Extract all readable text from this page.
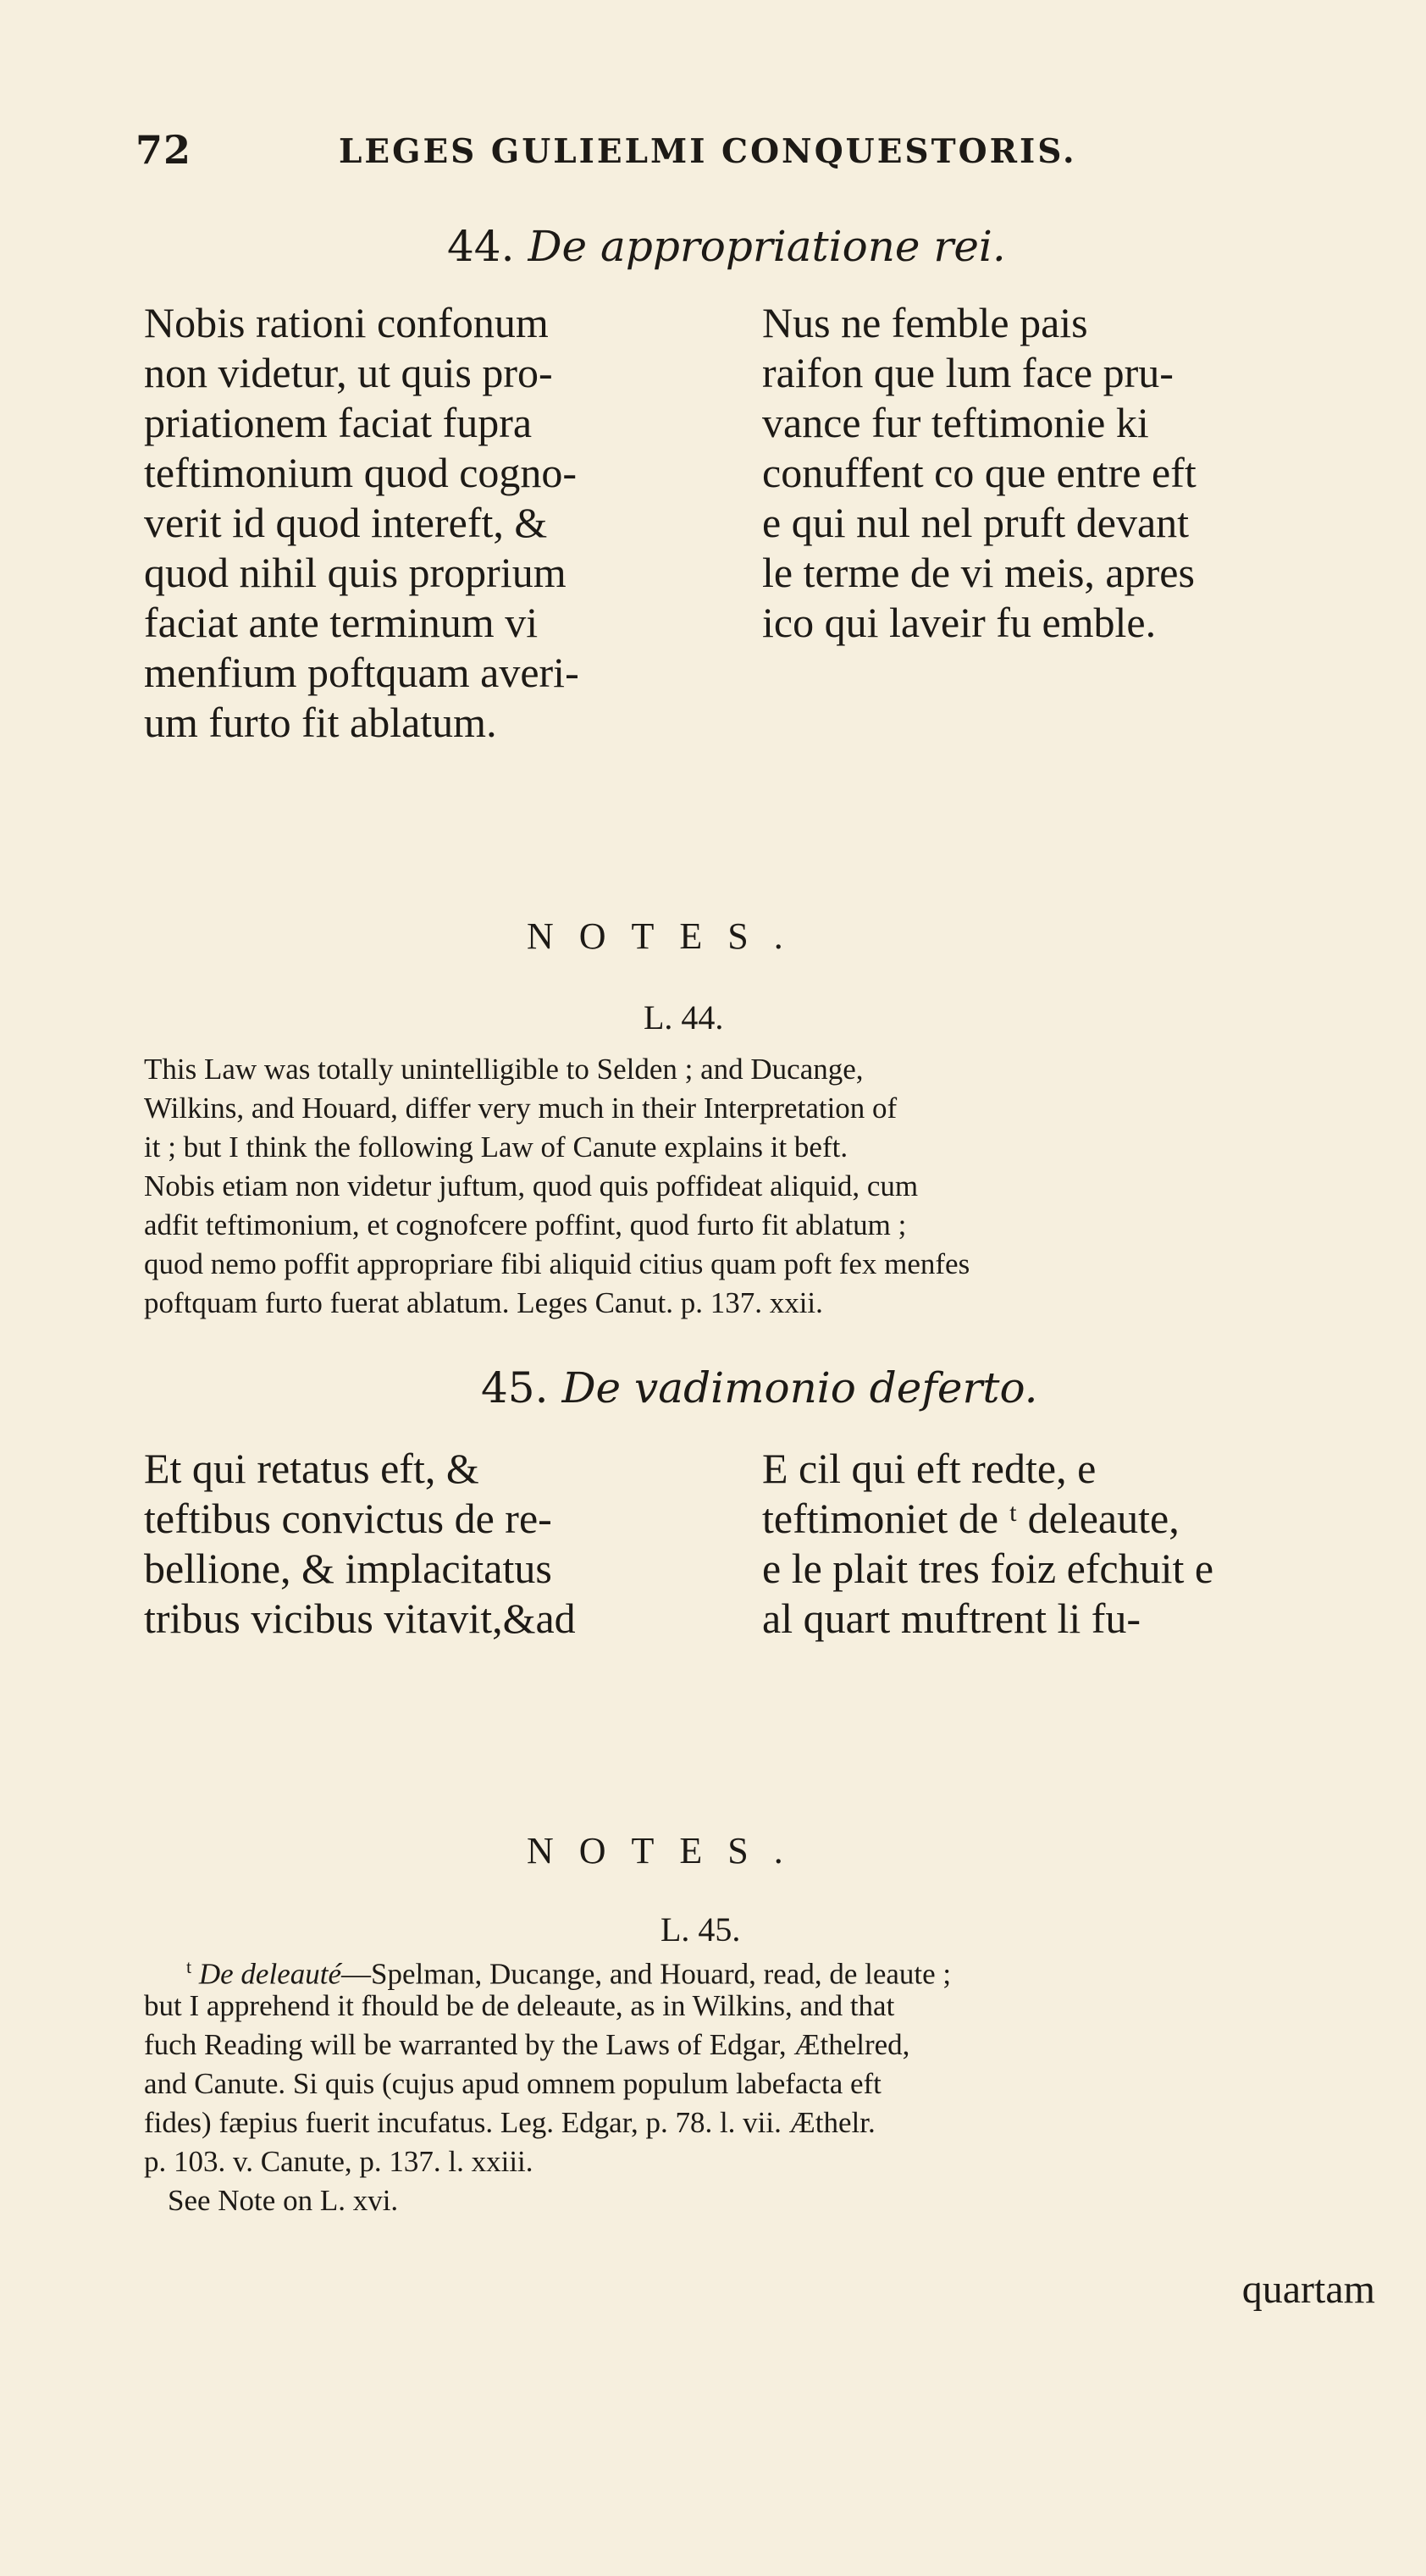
72	LEGES GULIELMI CONQUESTORIS.
44. De appropriatione rei.
Nobis rationi confonum
non videtur, ut quis pro-
priationem faciat fupra
teftimonium quod cogno-
verit id quod intereft, &
quod nihil quis proprium
faciat ante terminum vi
menfium poftquam averi-
um furto fit ablatum.
Nus ne femble pais
raifon que lum face pru-
vance fur teftimonie ki
conuffent co que entre eft
e qui nul nel pruft devant
le terme de vi meis, apres
ico qui laveir fu emble.
NOTES.
L. 44.
This Law was totally unintelligible to Selden ; and Ducange,
Wilkins, and Houard, differ very much in their Interpretation of
it ; but I think the following Law of Canute explains it beft.
Nobis etiam non videtur juftum, quod quis poffideat aliquid, cum
adfit teftimonium, et cognofcere poffint, quod furto fit ablatum ;
quod nemo poffit appropriare fibi aliquid citius quam poft fex menfes
poftquam furto fuerat ablatum. Leges Canut. p. 137. xxii.
45. De vadimonio deferto.
Et qui retatus eft, &
teftibus convictus de re-
bellione, & implacitatus
tribus vicibus vitavit,&ad
E cil qui eft redte, e
teftimoniet de ᵗ deleaute,
e le plait tres foiz efchuit e
al quart muftrent li fu-
NOTES.
L. 45.
$^t$ De deleauté—Spelman, Ducange, and Houard, read, de leaute ;
but I apprehend it fhould be de deleaute, as in Wilkins, and that
fuch Reading will be warranted by the Laws of Edgar, Æthelred,
and Canute. Si quis (cujus apud omnem populum labefacta eft
fides) fæpius fuerit incufatus. Leg. Edgar, p. 78. l. vii. Æthelr.
p. 103. v. Canute, p. 137. l. xxiii.
See Note on L. xvi.
quartam
